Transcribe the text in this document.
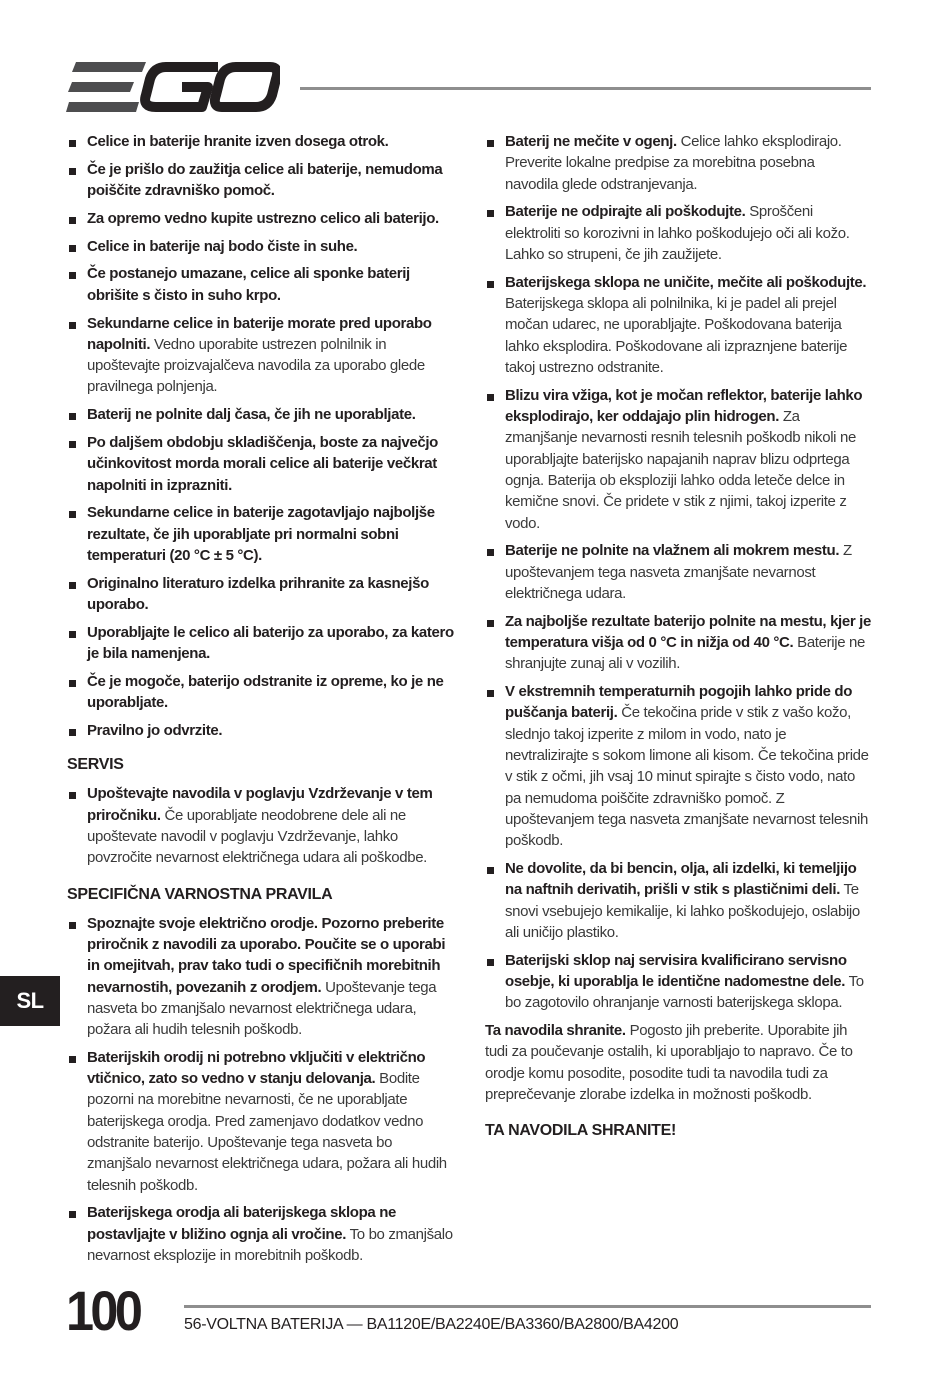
Celice in baterije hranite izven dosega otrok.
Če je prišlo do zaužitja celice ali baterije, nemudoma poiščite zdravniško pomoč.
Za opremo vedno kupite ustrezno celico ali baterijo.
Celice in baterije naj bodo čiste in suhe.
Če postanejo umazane, celice ali sponke baterij obrišite s čisto in suho krpo.
Sekundarne celice in baterije morate pred uporabo napolniti. Vedno uporabite ustrezen polnilnik in upoštevajte proizvajalčeva navodila za uporabo glede pravilnega polnjenja.
Baterij ne polnite dalj časa, če jih ne uporabljate.
Po daljšem obdobju skladiščenja, boste za največjo učinkovitost morda morali celice ali baterije večkrat napolniti in izprazniti.
Sekundarne celice in baterije zagotavljajo najboljše rezultate, če jih uporabljate pri normalni sobni temperaturi (20 °C ± 5 °C).
Originalno literaturo izdelka prihranite za kasnejšo uporabo.
Uporabljajte le celico ali baterijo za uporabo, za katero je bila namenjena.
Če je mogoče, baterijo odstranite iz opreme, ko je ne uporabljate.
Pravilno jo odvrzite.
SERVIS
Upoštevajte navodila v poglavju Vzdrževanje v tem priročniku. Če uporabljate neodobrene dele ali ne upoštevate navodil v poglavju Vzdrževanje, lahko povzročite nevarnost električnega udara ali poškodbe.
SPECIFIČNA VARNOSTNA PRAVILA
Spoznajte svoje električno orodje. Pozorno preberite priročnik z navodili za uporabo. Poučite se o uporabi in omejitvah, prav tako tudi o specifičnih morebitnih nevarnostih, povezanih z orodjem. Upoštevanje tega nasveta bo zmanjšalo nevarnost električnega udara, požara ali hudih telesnih poškodb.
Baterijskih orodij ni potrebno vključiti v električno vtičnico, zato so vedno v stanju delovanja. Bodite pozorni na morebitne nevarnosti, če ne uporabljate baterijskega orodja. Pred zamenjavo dodatkov vedno odstranite baterijo. Upoštevanje tega nasveta bo zmanjšalo nevarnost električnega udara, požara ali hudih telesnih poškodb.
Baterijskega orodja ali baterijskega sklopa ne postavljajte v bližino ognja ali vročine. To bo zmanjšalo nevarnost eksplozije in morebitnih poškodb.
Baterij ne mečite v ogenj. Celice lahko eksplodirajo. Preverite lokalne predpise za morebitna posebna navodila glede odstranjevanja.
Baterije ne odpirajte ali poškodujte. Sproščeni elektroliti so korozivni in lahko poškodujejo oči ali kožo. Lahko so strupeni, če jih zaužijete.
Baterijskega sklopa ne uničite, mečite ali poškodujte. Baterijskega sklopa ali polnilnika, ki je padel ali prejel močan udarec, ne uporabljajte. Poškodovana baterija lahko eksplodira. Poškodovane ali izpraznjene baterije takoj ustrezno odstranite.
Blizu vira vžiga, kot je močan reflektor, baterije lahko eksplodirajo, ker oddajajo plin hidrogen. Za zmanjšanje nevarnosti resnih telesnih poškodb nikoli ne uporabljajte baterijsko napajanih naprav blizu odprtega ognja. Baterija ob eksploziji lahko odda leteče delce in kemične snovi. Če pridete v stik z njimi, takoj izperite z vodo.
Baterije ne polnite na vlažnem ali mokrem mestu. Z upoštevanjem tega nasveta zmanjšate nevarnost električnega udara.
Za najboljše rezultate baterijo polnite na mestu, kjer je temperatura višja od 0 °C in nižja od 40 °C. Baterije ne shranjujte zunaj ali v vozilih.
V ekstremnih temperaturnih pogojih lahko pride do puščanja baterij. Če tekočina pride v stik z vašo kožo, slednjo takoj izperite z milom in vodo, nato je nevtralizirajte s sokom limone ali kisom. Če tekočina pride v stik z očmi, jih vsaj 10 minut spirajte s čisto vodo, nato pa nemudoma poiščite zdravniško pomoč. Z upoštevanjem tega nasveta zmanjšate nevarnost telesnih poškodb.
Ne dovolite, da bi bencin, olja, ali izdelki, ki temeljijo na naftnih derivatih, prišli v stik s plastičnimi deli. Te snovi vsebujejo kemikalije, ki lahko poškodujejo, oslabijo ali uničijo plastiko.
Baterijski sklop naj servisira kvalificirano servisno osebje, ki uporablja le identične nadomestne dele. To bo zagotovilo ohranjanje varnosti baterijskega sklopa.

Ta navodila shranite. Pogosto jih preberite. Uporabite jih tudi za poučevanje ostalih, ki uporabljajo to napravo. Če to orodje komu posodite, posodite tudi ta navodila tudi za preprečevanje zlorabe izdelka in možnosti poškodb.

TA NAVODILA SHRANITE!
SL
100	56-VOLTNA BATERIJA — BA1120E/BA2240E/BA3360/BA2800/BA4200
